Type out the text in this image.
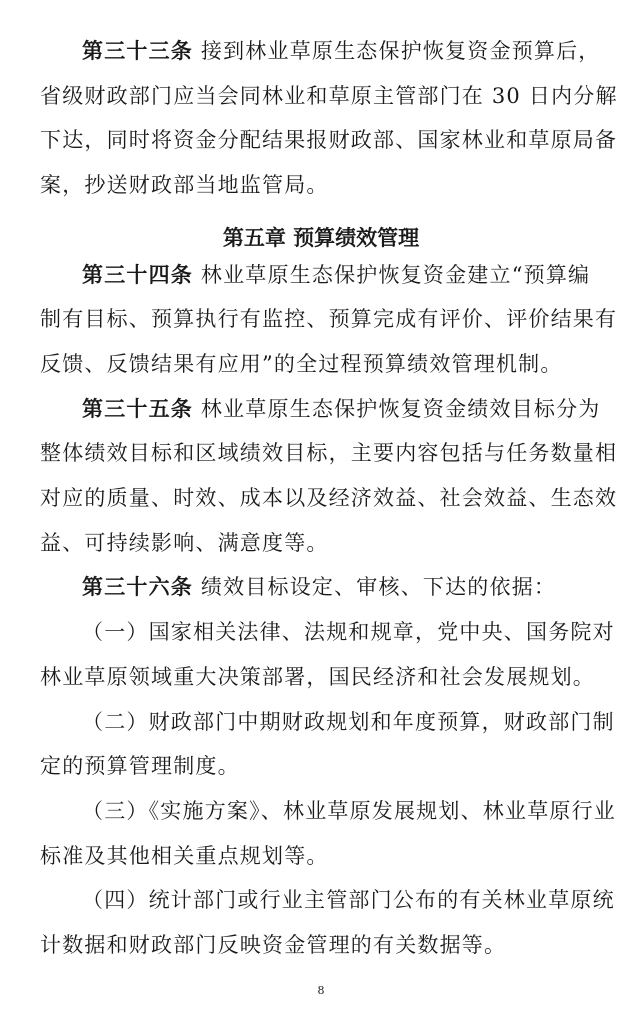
第三十三条 接到林业草原生态保护恢复资金预算后，
省级财政部门应当会同林业和草原主管部门在 30 日内分解
下达，同时将资金分配结果报财政部、国家林业和草原局备
案，抄送财政部当地监管局。
第五章 预算绩效管理
第三十四条 林业草原生态保护恢复资金建立“预算编
制有目标、预算执行有监控、预算完成有评价、评价结果有
反馈、反馈结果有应用”的全过程预算绩效管理机制。
第三十五条 林业草原生态保护恢复资金绩效目标分为
整体绩效目标和区域绩效目标，主要内容包括与任务数量相
对应的质量、时效、成本以及经济效益、社会效益、生态效
益、可持续影响、满意度等。
第三十六条 绩效目标设定、审核、下达的依据：
（一）国家相关法律、法规和规章，党中央、国务院对
林业草原领域重大决策部署，国民经济和社会发展规划。
（二）财政部门中期财政规划和年度预算，财政部门制
定的预算管理制度。
（三）《实施方案》、林业草原发展规划、林业草原行业
标准及其他相关重点规划等。
（四）统计部门或行业主管部门公布的有关林业草原统
8
计数据和财政部门反映资金管理的有关数据等。
